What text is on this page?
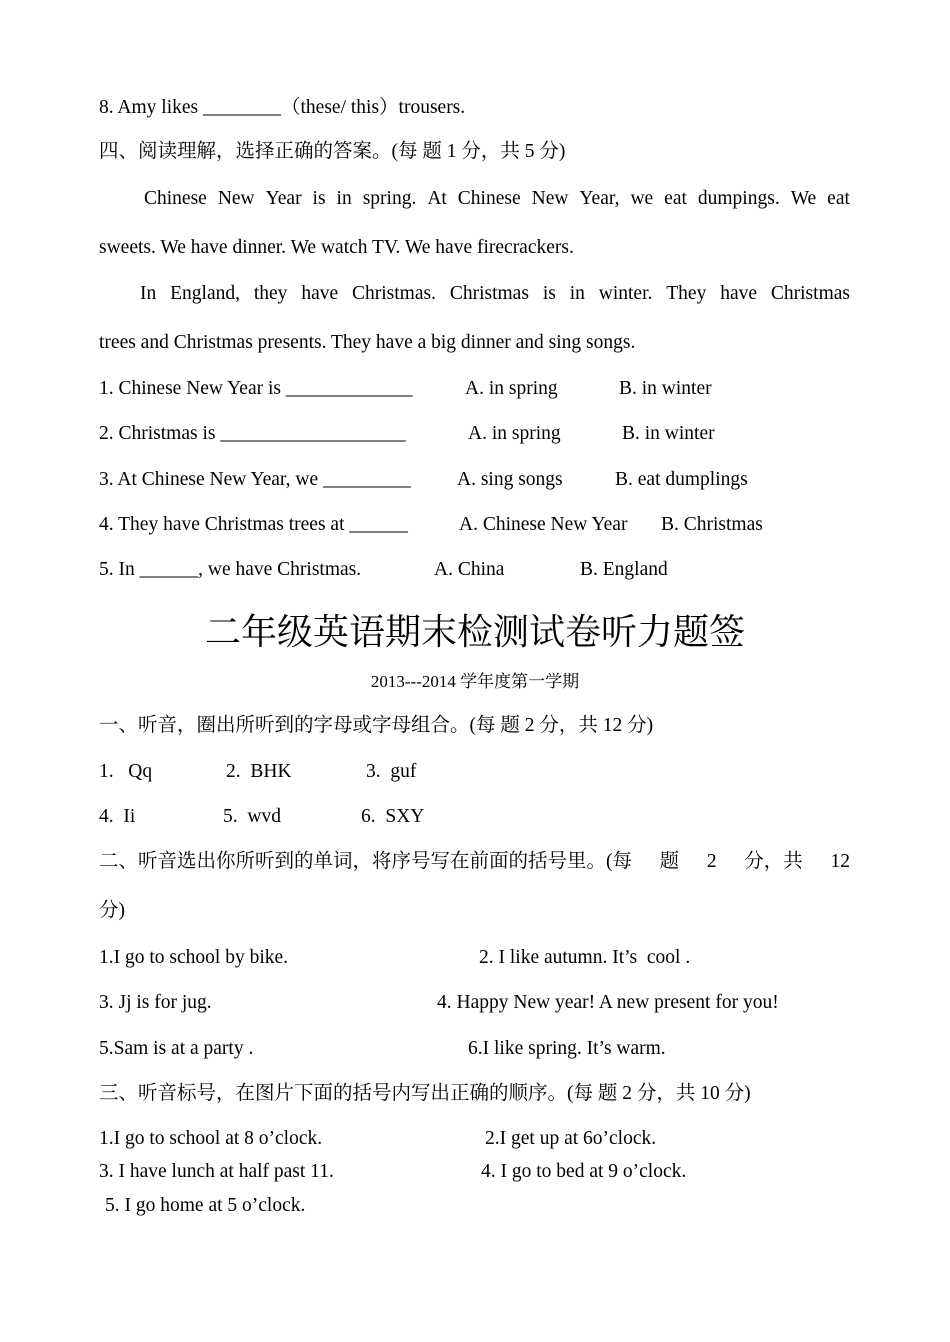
8. Amy likes ________（these/ this）trousers.
四、阅读理解，选择正确的答案。(每 题 1 分，共 5 分)
Chinese New Year is in spring. At Chinese New Year, we eat dumpings. We eat
sweets. We have dinner. We watch TV. We have firecrackers.
In England, they have Christmas. Christmas is in winter. They have Christmas
trees and Christmas presents. They have a big dinner and sing songs.
1. Chinese New Year is _____________	A. in spring	B. in winter
2. Christmas is ___________________	A. in spring	B. in winter
3. At Chinese New Year, we _________ A. sing songs	B. eat dumplings
4. They have Christmas trees at ______	A. Chinese New Year B. Christmas
5. In ______, we have Christmas.	A. China	B. England
二年级英语期末检测试卷听力题签
2013---2014 学年度第一学期
一、听音，圈出所听到的字母或字母组合。(每 题 2 分，共 12 分)
1.   Qq	2.  BHK	3.  guf
4.  Ii	5.  wvd	6.  SXY
二、听音选出你所听到的单词，将序号写在前面的括号里。(每 题 2 分，共 12
分)
1.I go to school by bike.	2. I like autumn. It’s  cool .
3. Jj is for jug.	4. Happy New year! A new present for you!
5.Sam is at a party .	6.I like spring. It’s warm.
三、听音标号，在图片下面的括号内写出正确的顺序。(每 题 2 分，共 10 分)
1.I go to school at 8 o’clock.	2.I get up at 6o’clock.
3. I have lunch at half past 11.	4. I go to bed at 9 o’clock.
5. I go home at 5 o’clock.
